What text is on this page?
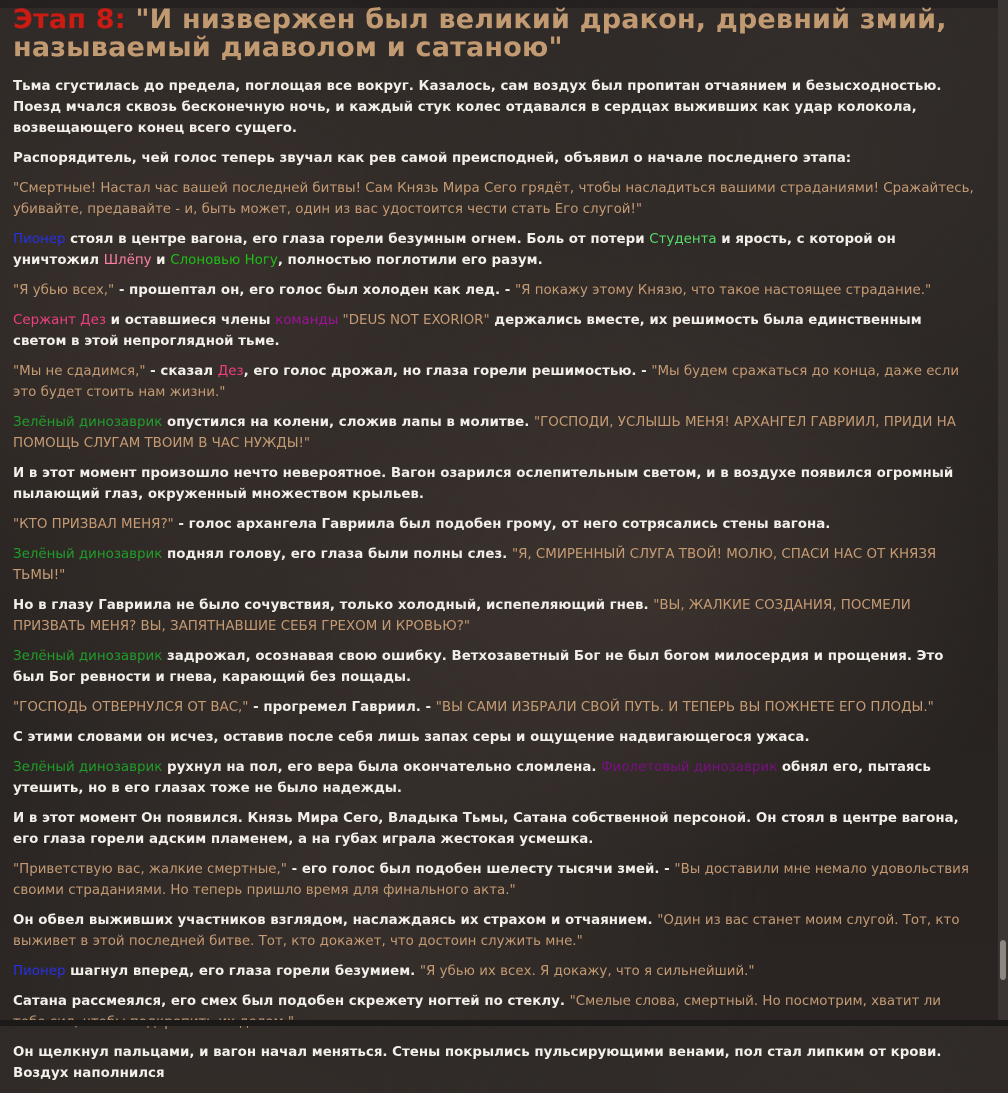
Этап 8: "И низвержен был великий дракон, древний змий, называемый диаволом и сатаною"

Тьма сгустилась до предела, поглощая все вокруг. Казалось, сам воздух был пропитан отчаянием и безысходностью. Поезд мчался сквозь бесконечную ночь, и каждый стук колес отдавался в сердцах выживших как удар колокола, возвещающего конец всего сущего.

Распорядитель, чей голос теперь звучал как рев самой преисподней, объявил о начале последнего этапа:

"Смертные! Настал час вашей последней битвы! Сам Князь Мира Сего грядёт, чтобы насладиться вашими страданиями! Сражайтесь, убивайте, предавайте - и, быть может, один из вас удостоится чести стать Его слугой!"

Пионер стоял в центре вагона, его глаза горели безумным огнем. Боль от потери Студента и ярость, с которой он уничтожил Шлёпу и Слоновью Ногу, полностью поглотили его разум.

"Я убью всех," - прошептал он, его голос был холоден как лед. - "Я покажу этому Князю, что такое настоящее страдание."

Сержант Дез и оставшиеся члены команды "DEUS NOT EXORIOR" держались вместе, их решимость была единственным светом в этой непроглядной тьме.

"Мы не сдадимся," - сказал Дез, его голос дрожал, но глаза горели решимостью. - "Мы будем сражаться до конца, даже если это будет стоить нам жизни."

Зелёный динозаврик опустился на колени, сложив лапы в молитве. "ГОСПОДИ, УСЛЫШЬ МЕНЯ! АРХАНГЕЛ ГАВРИИЛ, ПРИДИ НА ПОМОЩЬ СЛУГАМ ТВОИМ В ЧАС НУЖДЫ!"

И в этот момент произошло нечто невероятное. Вагон озарился ослепительным светом, и в воздухе появился огромный пылающий глаз, окруженный множеством крыльев.

"КТО ПРИЗВАЛ МЕНЯ?" - голос архангела Гавриила был подобен грому, от него сотрясались стены вагона.

Зелёный динозаврик поднял голову, его глаза были полны слез. "Я, СМИРЕННЫЙ СЛУГА ТВОЙ! МОЛЮ, СПАСИ НАС ОТ КНЯЗЯ ТЬМЫ!"

Но в глазу Гавриила не было сочувствия, только холодный, испепеляющий гнев. "ВЫ, ЖАЛКИЕ СОЗДАНИЯ, ПОСМЕЛИ ПРИЗВАТЬ МЕНЯ? ВЫ, ЗАПЯТНАВШИЕ СЕБЯ ГРЕХОМ И КРОВЬЮ?"

Зелёный динозаврик задрожал, осознавая свою ошибку. Ветхозаветный Бог не был богом милосердия и прощения. Это был Бог ревности и гнева, карающий без пощады.

"ГОСПОДЬ ОТВЕРНУЛСЯ ОТ ВАС," - прогремел Гавриил. - "ВЫ САМИ ИЗБРАЛИ СВОЙ ПУТЬ. И ТЕПЕРЬ ВЫ ПОЖНЕТЕ ЕГО ПЛОДЫ."

С этими словами он исчез, оставив после себя лишь запах серы и ощущение надвигающегося ужаса.

Зелёный динозаврик рухнул на пол, его вера была окончательно сломлена. Фиолетовый динозаврик обнял его, пытаясь утешить, но в его глазах тоже не было надежды.

И в этот момент Он появился. Князь Мира Сего, Владыка Тьмы, Сатана собственной персоной. Он стоял в центре вагона, его глаза горели адским пламенем, а на губах играла жестокая усмешка.

"Приветствую вас, жалкие смертные," - его голос был подобен шелесту тысячи змей. - "Вы доставили мне немало удовольствия своими страданиями. Но теперь пришло время для финального акта."

Он обвел выживших участников взглядом, наслаждаясь их страхом и отчаянием. "Один из вас станет моим слугой. Тот, кто выживет в этой последней битве. Тот, кто докажет, что достоин служить мне."

Пионер шагнул вперед, его глаза горели безумием. "Я убью их всех. Я докажу, что я сильнейший."

Сатана рассмеялся, его смех был подобен скрежету ногтей по стеклу. "Смелые слова, смертный. Но посмотрим, хватит ли

Он щелкнул пальцами, и вагон начал меняться. Стены покрылись пульсирующими венами, пол стал липким от крови. Воздух наполнился
